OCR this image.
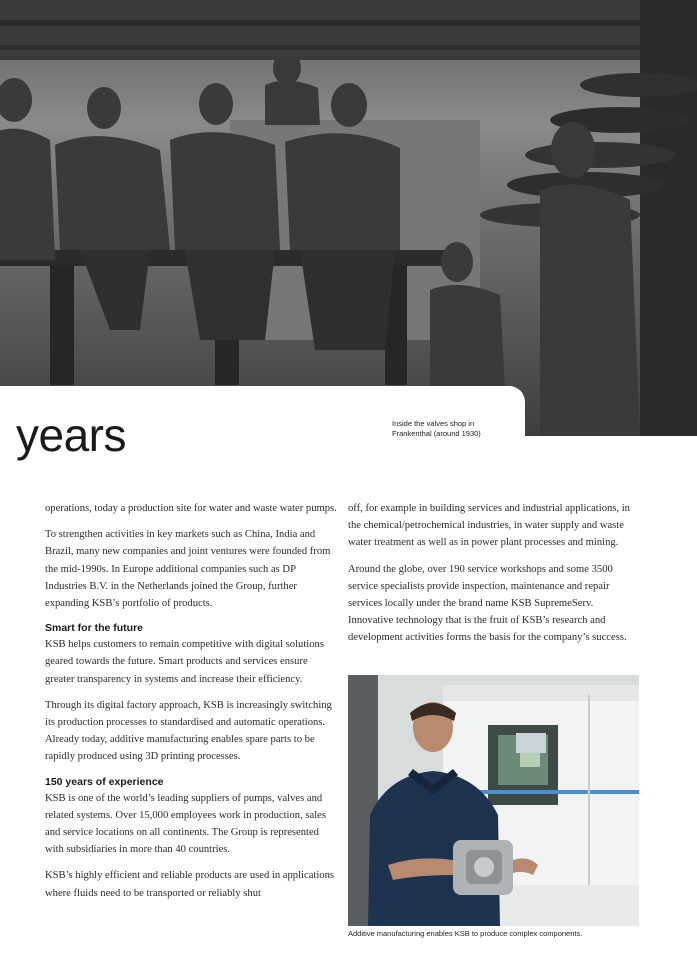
years	Inside the valves shop in Frankenthal (around 1930)

operations, today a production site for water and waste water pumps.

To strengthen activities in key markets such as China, India and Brazil, many new companies and joint ventures were founded from the mid-1990s. In Europe additional companies such as DP Industries B.V. in the Netherlands joined the Group, further expanding KSB’s portfolio of products.

Smart for the future

KSB helps customers to remain competitive with digital solutions geared towards the future. Smart products and services ensure greater transparency in systems and increase their efficiency.

Through its digital factory approach, KSB is increasingly switching its production processes to standardised and automatic operations. Already today, additive manufacturing enables spare parts to be rapidly produced using 3D printing processes.

150 years of experience

KSB is one of the world’s leading suppliers of pumps, valves and related systems. Over 15,000 employees work in production, sales and service locations on all continents. The Group is represented with subsidiaries in more than 40 countries.

KSB’s highly efficient and reliable products are used in applications where fluids need to be transported or reliably shut

off, for example in building services and industrial applications, in the chemical/petrochemical industries, in water supply and waste water treatment as well as in power plant processes and mining.

Around the globe, over 190 service workshops and some 3500 service specialists provide inspection, maintenance and repair services locally under the brand name KSB SupremeServ. Innovative technology that is the fruit of KSB’s research and development activities forms the basis for the company’s success.

Additive manufacturing enables KSB to produce complex components.
